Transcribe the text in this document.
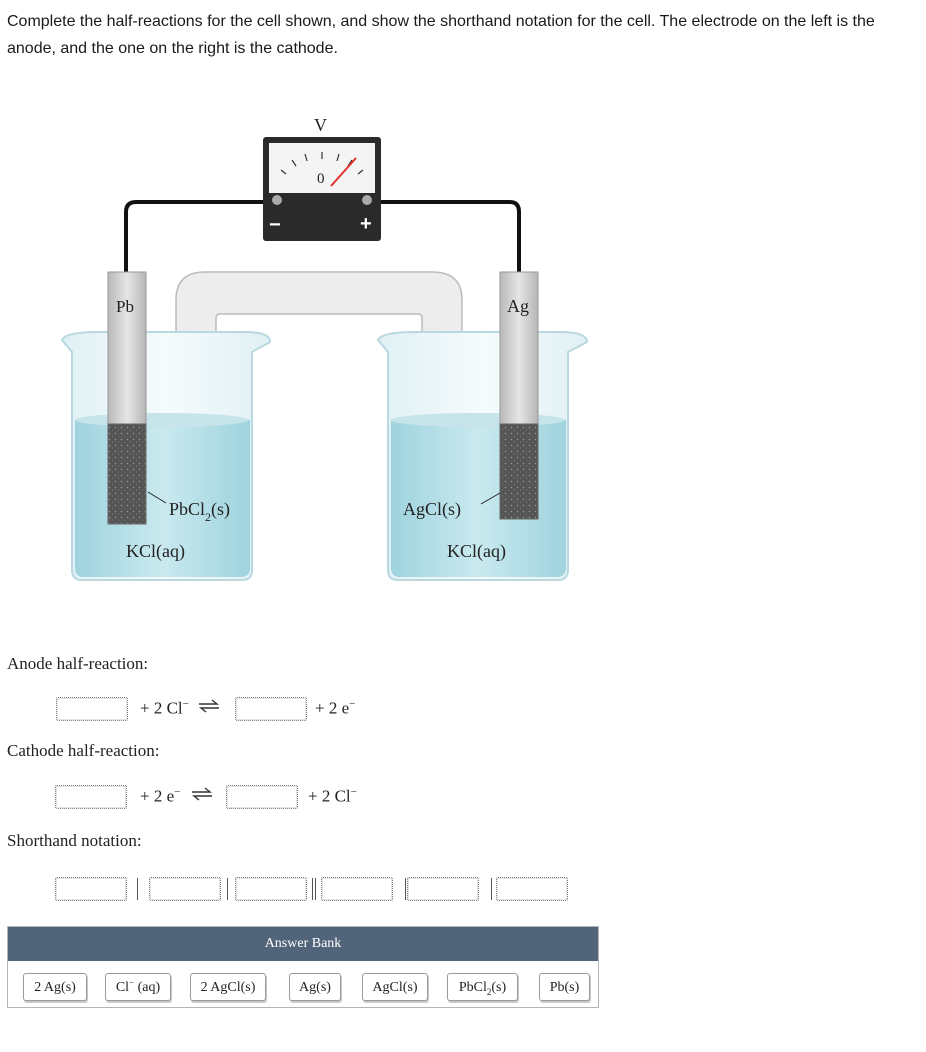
Complete the half-reactions for the cell shown, and show the shorthand notation for the cell. The electrode on the left is the anode, and the one on the right is the cathode.
V
0
−	+
Pb	Ag
PbCl$_2$(s)	AgCl(s)
KCl(aq)	KCl(aq)
Anode half-reaction:
+ 2 Cl− ⇌	+ 2 e−
Cathode half-reaction:
+ 2 e− ⇌	+ 2 Cl−
Shorthand notation:
Answer Bank
2 Ag(s)	Cl− (aq)	2 AgCl(s)	Ag(s)	AgCl(s)	PbCl$_2$(s)	Pb(s)
